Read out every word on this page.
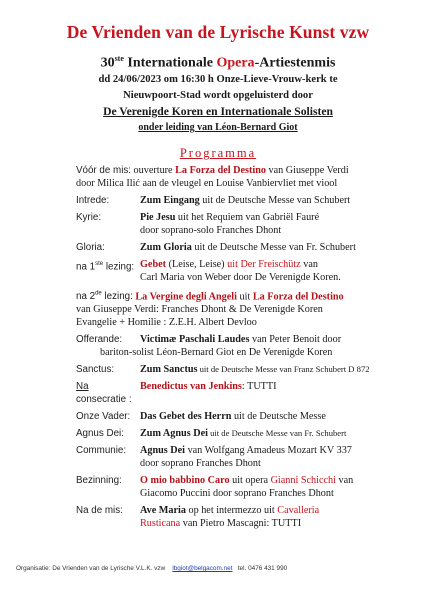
De Vrienden van de Lyrische Kunst vzw
30ste Internationale Opera-Artiestenmis
dd 24/06/2023 om 16:30 h Onze-Lieve-Vrouw-kerk te
Nieuwpoort-Stad wordt opgeluisterd door
De Verenigde Koren en Internationale Solisten
onder leiding van Léon-Bernard Giot
Programma
Vóór de mis: ouverture La Forza del Destino van Giuseppe Verdi
door Milica Ilić aan de vleugel en Louise Vanbiervliet met viool
Intrede:	Zum Eingang uit de Deutsche Messe van Schubert
Kyrie:	Pie Jesu uit het Requiem van Gabriël Fauré
door soprano-solo Franches Dhont
Gloria:	Zum Gloria uit de Deutsche Messe van Fr. Schubert
na 1ste lezing: Gebet (Leise, Leise) uit Der Freischütz van
Carl Maria von Weber door De Verenigde Koren.
na 2de lezing: La Vergine degli Angeli uit La Forza del Destino
van Giuseppe Verdi: Franches Dhont & De Verenigde Koren
Evangelie + Homilie : Z.E.H. Albert Devloo
Offerande:	Victimæ Paschali Laudes van Peter Benoit door
bariton-solist Léon-Bernard Giot en De Verenigde Koren
Sanctus:	Zum Sanctus uit de Deutsche Messe van Franz Schubert D 872
Na consecratie :
Benedictus van Jenkins: TUTTI
Onze Vader: Das Gebet des Herrn uit de Deutsche Messe
Agnus Dei:	Zum Agnus Dei uit de Deutsche Messe van Fr. Schubert
Communie:	Agnus Dei van Wolfgang Amadeus Mozart KV 337
door soprano Franches Dhont
Bezinning:	O mio babbino Caro uit opera Gianni Schicchi van
Giacomo Puccini door soprano Franches Dhont
Na de mis:	Ave Maria op het intermezzo uit Cavalleria
Rusticana van Pietro Mascagni: TUTTI
Organisatie: De Vrienden van de Lyrische V.L.K. vzw lbgiot@belgacom.net tel. 0476 431 990
